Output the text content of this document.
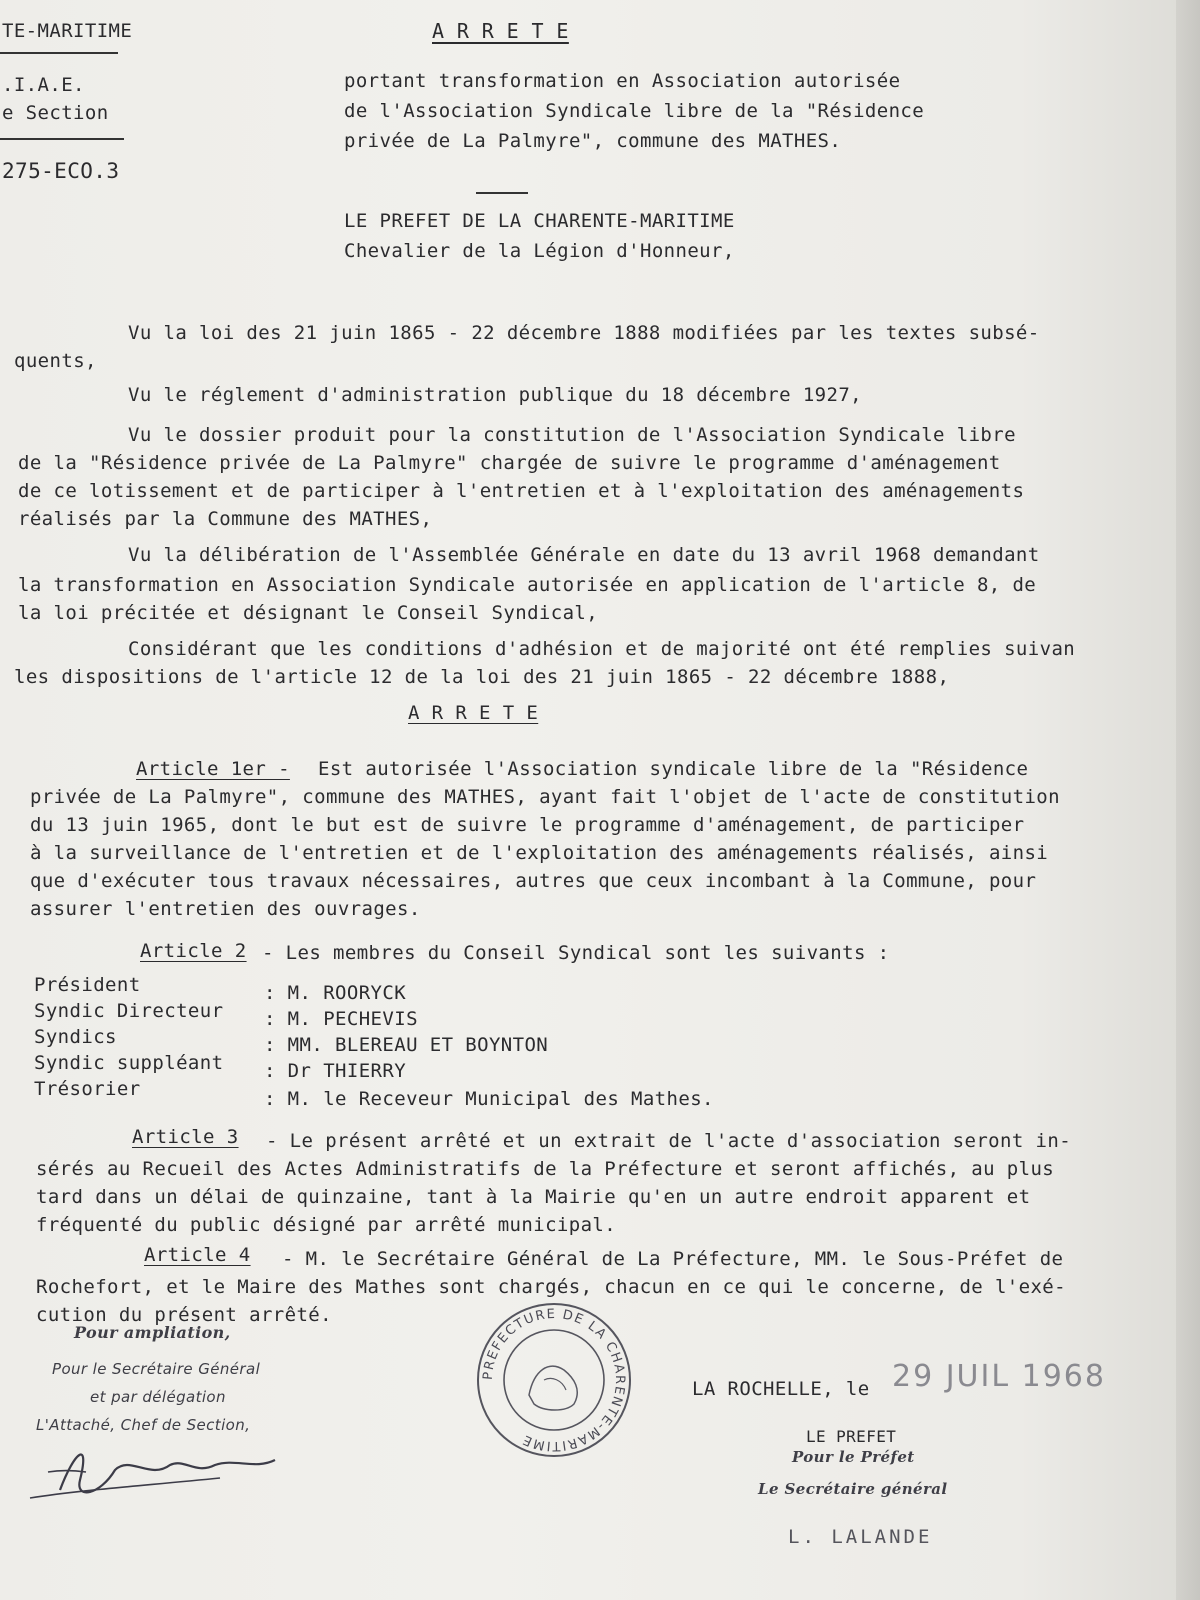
TE-MARITIME
.I.A.E.
e Section
275-ECO.3
A R R E T E
portant transformation en Association autorisée
de l'Association Syndicale libre de la "Résidence
privée de La Palmyre", commune des MATHES.
LE PREFET DE LA CHARENTE-MARITIME
Chevalier de la Légion d'Honneur,
Vu la loi des 21 juin 1865 - 22 décembre 1888 modifiées par les textes subsé-
quents,
Vu le réglement d'administration publique du 18 décembre 1927,
Vu le dossier produit pour la constitution de l'Association Syndicale libre
de la "Résidence privée de La Palmyre" chargée de suivre le programme d'aménagement
de ce lotissement et de participer à l'entretien et à l'exploitation des aménagements
réalisés par la Commune des MATHES,
Vu la délibération de l'Assemblée Générale en date du 13 avril 1968 demandant
la transformation en Association Syndicale autorisée en application de l'article 8, de
la loi précitée et désignant le Conseil Syndical,
Considérant que les conditions d'adhésion et de majorité ont été remplies suivan
les dispositions de l'article 12 de la loi des 21 juin 1865 - 22 décembre 1888,
A R R E T E
Article 1er - Est autorisée l'Association syndicale libre de la "Résidence
privée de La Palmyre", commune des MATHES, ayant fait l'objet de l'acte de constitution
du 13 juin 1965, dont le but est de suivre le programme d'aménagement, de participer
à la surveillance de l'entretien et de l'exploitation des aménagements réalisés, ainsi
que d'exécuter tous travaux nécessaires, autres que ceux incombant à la Commune, pour
assurer l'entretien des ouvrages.
Article 2 - Les membres du Conseil Syndical sont les suivants :
Président	: M. ROORYCK
Syndic Directeur : M. PECHEVIS
Syndics	: MM. BLEREAU ET BOYNTON
Syndic suppléant : Dr THIERRY
Trésorier	: M. le Receveur Municipal des Mathes.
Article 3 - Le présent arrêté et un extrait de l'acte d'association seront in-
sérés au Recueil des Actes Administratifs de la Préfecture et seront affichés, au plus
tard dans un délai de quinzaine, tant à la Mairie qu'en un autre endroit apparent et
fréquenté du public désigné par arrêté municipal.
Article 4 - M. le Secrétaire Général de La Préfecture, MM. le Sous-Préfet de
Rochefort, et le Maire des Mathes sont chargés, chacun en ce qui le concerne, de l'exé-
cution du présent arrêté.
Pour ampliation,
Pour le Secrétaire Général
et par délégation
L'Attaché, Chef de Section,
PREFECTURE DE LA CHARENTE-MARITIME
LA ROCHELLE, le 29 JUIL 1968
LE PREFET
Pour le Préfet
Le Secrétaire général
L. LALANDE
